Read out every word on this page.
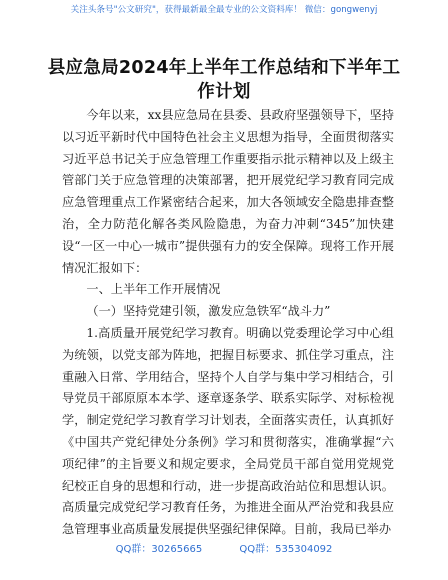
关注头条号"公文研究"，获得最新最全最专业的公文资料库！ 微信：gongwenyj
县应急局2024年上半年工作总结和下半年工作计划

今年以来，xx县应急局在县委、县政府坚强领导下，坚持以习近平新时代中国特色社会主义思想为指导，全面贯彻落实习近平总书记关于应急管理工作重要指示批示精神以及上级主管部门关于应急管理的决策部署，把开展党纪学习教育同完成应急管理重点工作紧密结合起来，加大各领域安全隐患排查整治，全力防范化解各类风险隐患，为奋力冲刺“345”加快建设“一区一中心一城市”提供强有力的安全保障。现将工作开展情况汇报如下：

一、上半年工作开展情况

（一）坚持党建引领，激发应急铁军“战斗力”

1.高质量开展党纪学习教育。明确以党委理论学习中心组为统领，以党支部为阵地，把握目标要求、抓住学习重点，注重融入日常、学用结合，坚持个人自学与集中学习相结合，引导党员干部原原本本学、逐章逐条学、联系实际学、对标检视学，制定党纪学习教育学习计划表，全面落实责任，认真抓好《中国共产党纪律处分条例》学习和贯彻落实，准确掌握“六项纪律”的主旨要义和规定要求，全局党员干部自觉用党规党纪校正自身的思想和行动，进一步提高政治站位和思想认识。高质量完成党纪学习教育任务，为推进全面从严治党和我县应急管理事业高质量发展提供坚强纪律保障。目前，我局已举办

QQ群：30265665	QQ群：535304092
